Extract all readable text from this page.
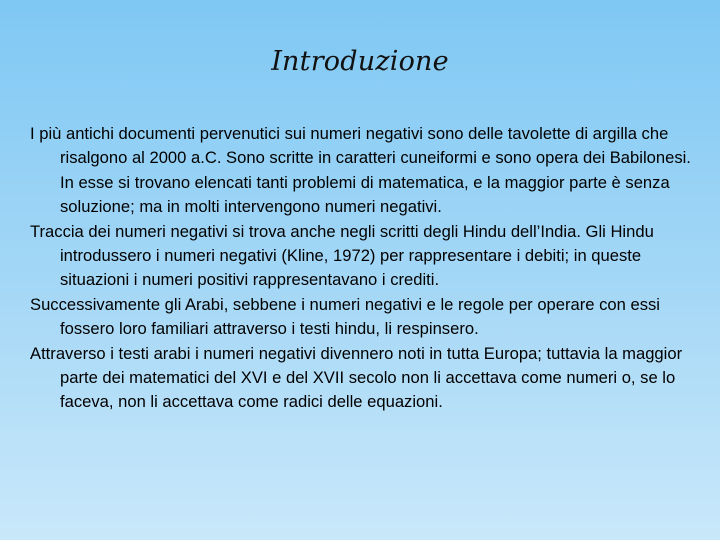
Introduzione

I più antichi documenti pervenutici sui numeri negativi sono delle tavolette di argilla che risalgono al 2000 a.C. Sono scritte in caratteri cuneiformi e sono opera dei Babilonesi. In esse si trovano elencati tanti problemi di matematica, e la maggior parte è senza soluzione; ma in molti intervengono numeri negativi.

Traccia dei numeri negativi si trova anche negli scritti degli Hindu dell’India. Gli Hindu introdussero i numeri negativi (Kline, 1972) per rappresentare i debiti; in queste situazioni i numeri positivi rappresentavano i crediti.

Successivamente gli Arabi, sebbene i numeri negativi e le regole per operare con essi fossero loro familiari attraverso i testi hindu, li respinsero.

Attraverso i testi arabi i numeri negativi divennero noti in tutta Europa; tuttavia la maggior parte dei matematici del XVI e del XVII secolo non li accettava come numeri o, se lo faceva, non li accettava come radici delle equazioni.
